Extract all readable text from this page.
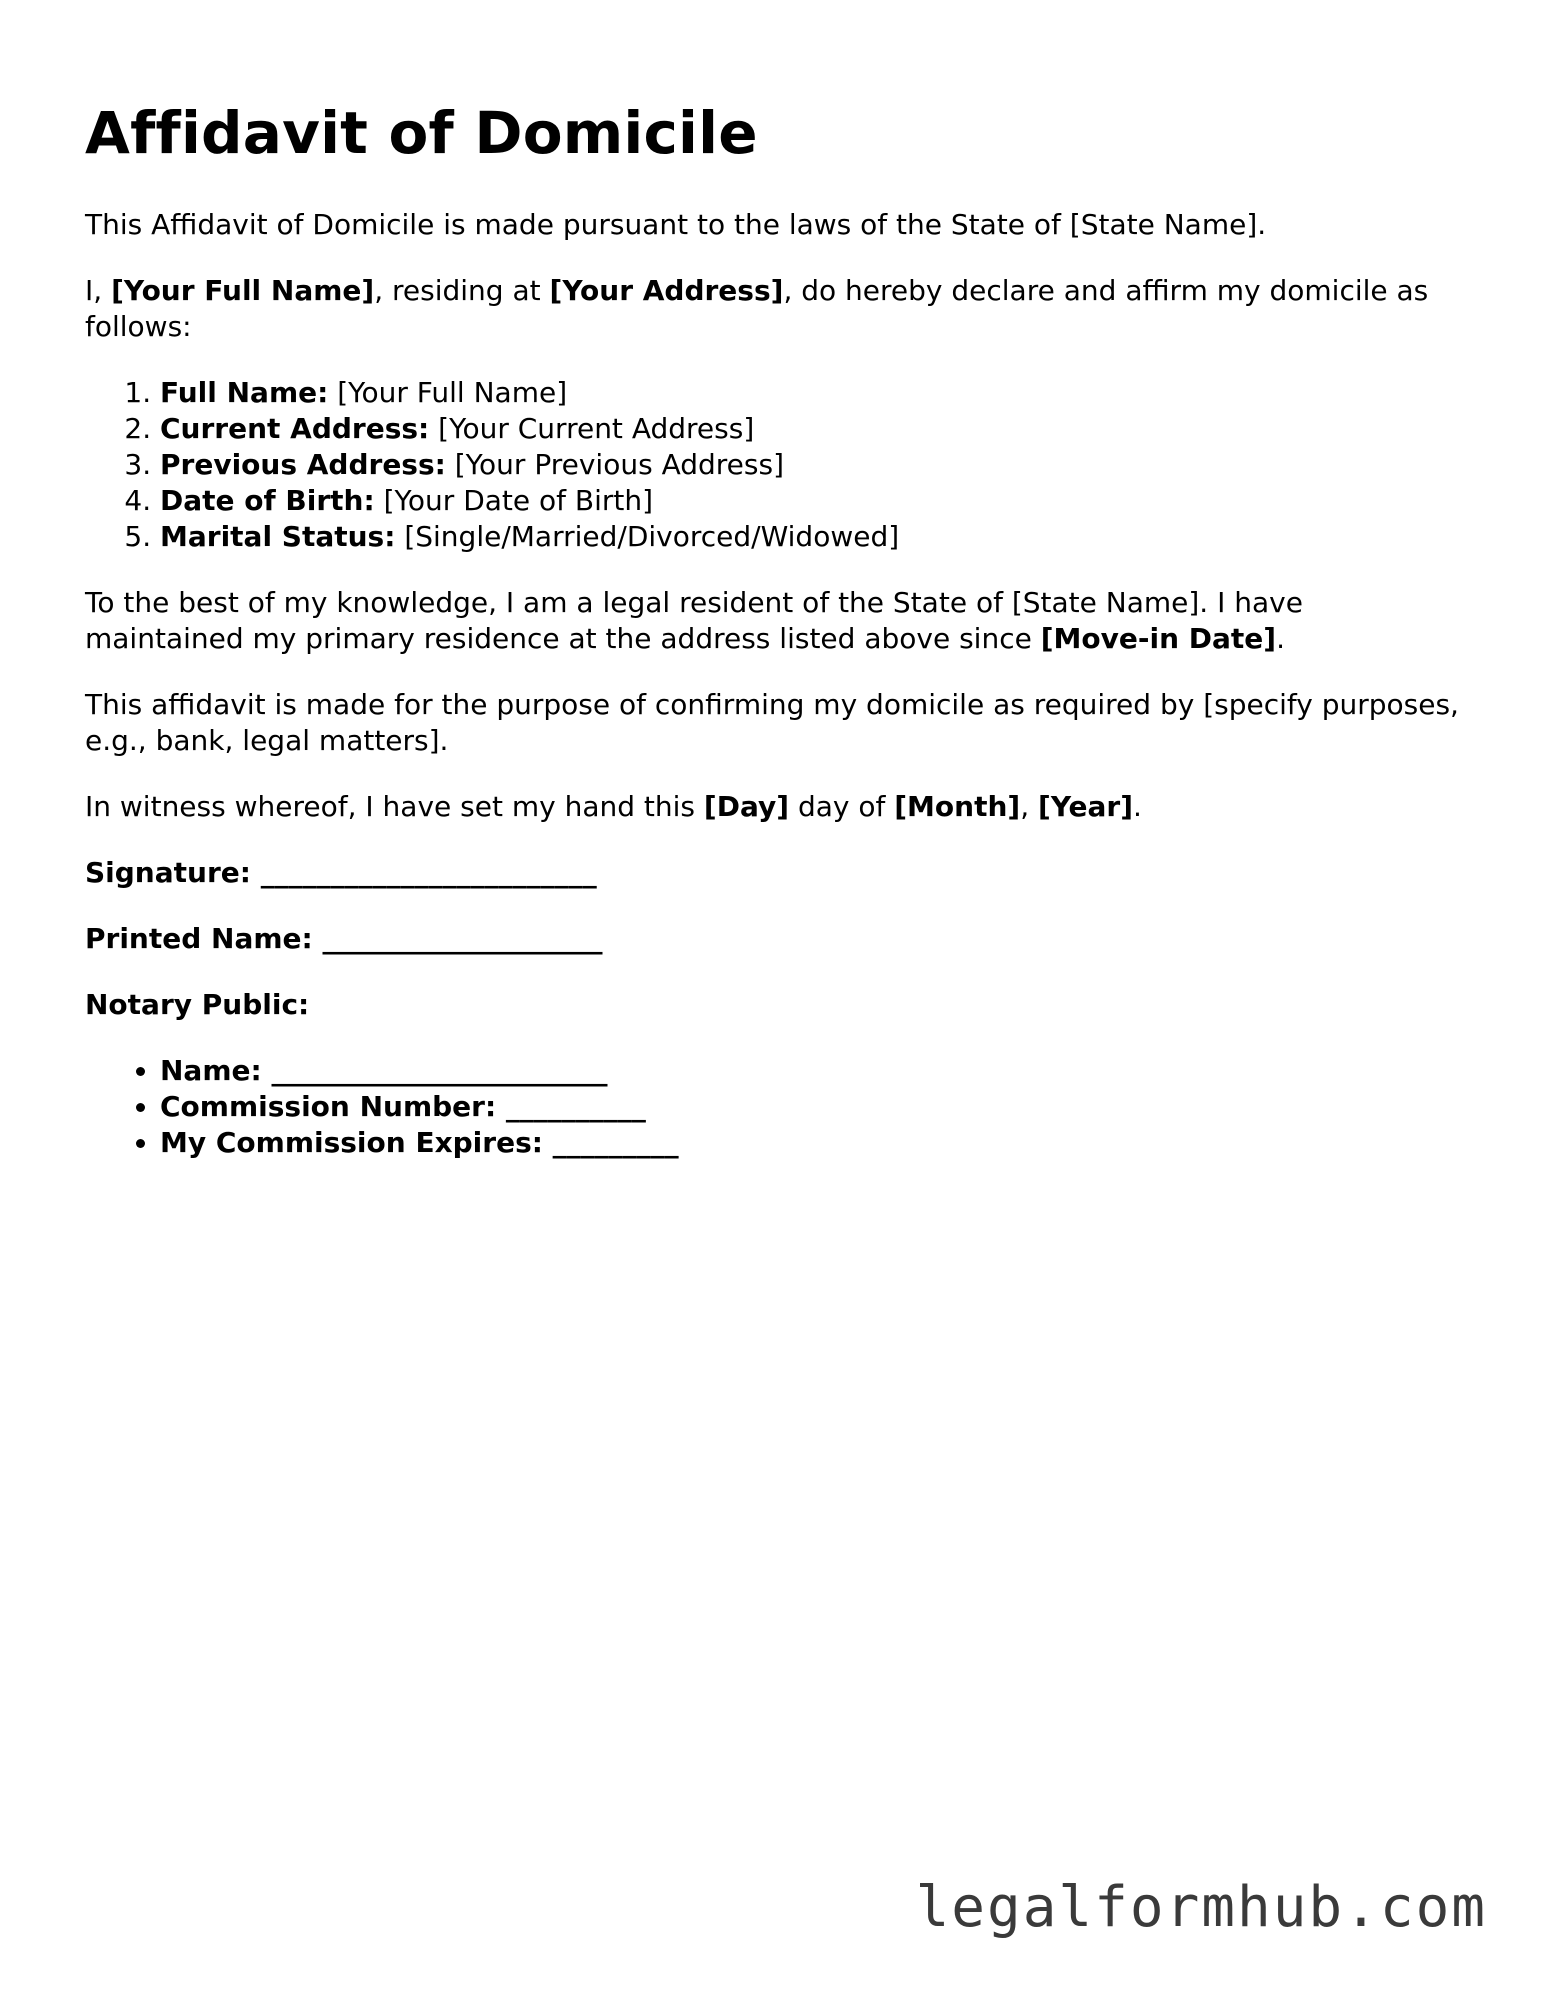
Affidavit of Domicile

This Affidavit of Domicile is made pursuant to the laws of the State of [State Name].

I, [Your Full Name], residing at [Your Address], do hereby declare and affirm my domicile as follows:

1. Full Name: [Your Full Name]
2. Current Address: [Your Current Address]
3. Previous Address: [Your Previous Address]
4. Date of Birth: [Your Date of Birth]
5. Marital Status: [Single/Married/Divorced/Widowed]

To the best of my knowledge, I am a legal resident of the State of [State Name]. I have maintained my primary residence at the address listed above since [Move-in Date].

This affidavit is made for the purpose of confirming my domicile as required by [specify purposes, e.g., bank, legal matters].

In witness whereof, I have set my hand this [Day] day of [Month], [Year].

Signature: ________________________
Printed Name: ____________________
Notary Public:
• Name: ________________________
• Commission Number: __________
• My Commission Expires: _________
legalformhub.com
